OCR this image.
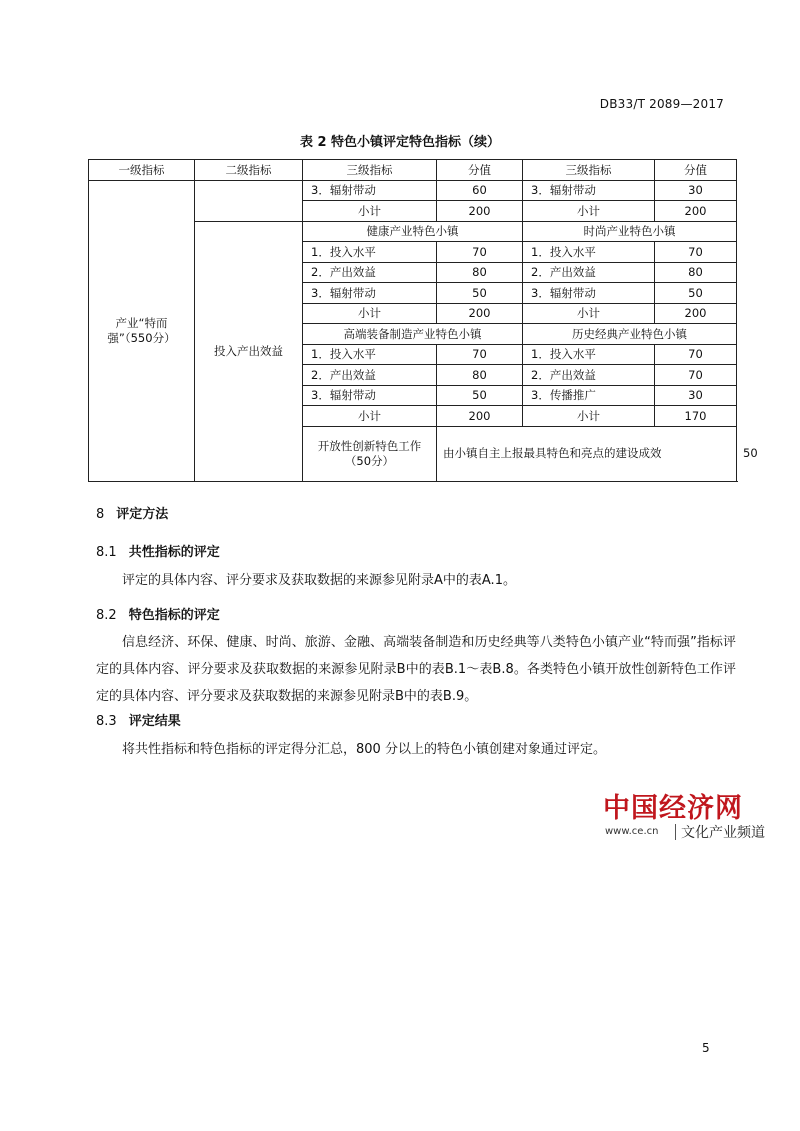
DB33/T 2089—2017
表 2 特色小镇评定特色指标（续）
一级指标	二级指标	三级指标	分值	三级指标	分值	
产业“特而强”（550分）		3．辐射带动	60	3．辐射带动	30	
		小计	200	小计	200	
	投入产出效益	健康产业特色小镇		时尚产业特色小镇		
		1．投入水平	70	1．投入水平	70	
		2．产出效益	80	2．产出效益	80	
		3．辐射带动	50	3．辐射带动	50	
		小计	200	小计	200	
		高端装备制造产业特色小镇		历史经典产业特色小镇		
		1．投入水平	70	1．投入水平	70	
		2．产出效益	80	2．产出效益	70	
		3．辐射带动	50	3．传播推广	30	
		小计	200	小计	170	
		开放性创新特色工作（50分）	由小镇自主上报最具特色和亮点的建设成效			50
8 评定方法
8.1 共性指标的评定
评定的具体内容、评分要求及获取数据的来源参见附录A中的表A.1。
8.2 特色指标的评定
信息经济、环保、健康、时尚、旅游、金融、高端装备制造和历史经典等八类特色小镇产业“特而强”指标评定的具体内容、评分要求及获取数据的来源参见附录B中的表B.1～表B.8。各类特色小镇开放性创新特色工作评定的具体内容、评分要求及获取数据的来源参见附录B中的表B.9。
8.3 评定结果
将共性指标和特色指标的评定得分汇总，800 分以上的特色小镇创建对象通过评定。
中国经济网
www.ce.cn 文化产业频道
5
